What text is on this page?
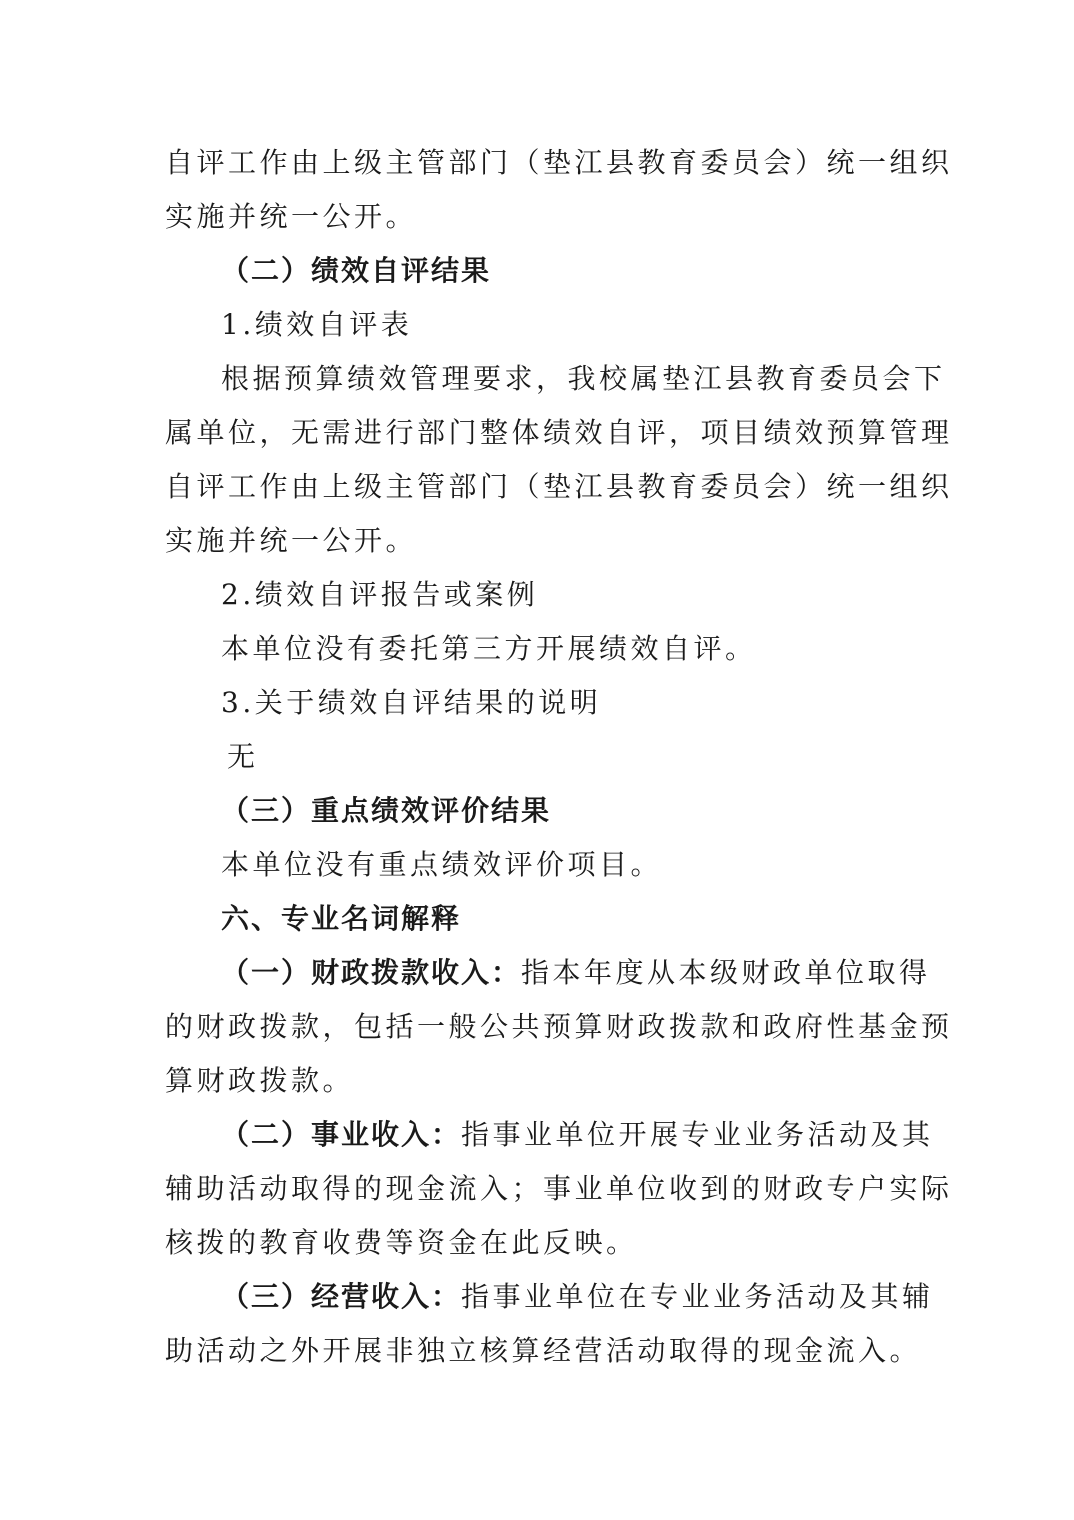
自评工作由上级主管部门（垫江县教育委员会）统一组织
实施并统一公开。
（二）绩效自评结果
1.绩效自评表
根据预算绩效管理要求，我校属垫江县教育委员会下
属单位，无需进行部门整体绩效自评，项目绩效预算管理
自评工作由上级主管部门（垫江县教育委员会）统一组织
实施并统一公开。
2.绩效自评报告或案例
本单位没有委托第三方开展绩效自评。
3.关于绩效自评结果的说明
无
（三）重点绩效评价结果
本单位没有重点绩效评价项目。
六、专业名词解释
（一）财政拨款收入：指本年度从本级财政单位取得
的财政拨款，包括一般公共预算财政拨款和政府性基金预
算财政拨款。
（二）事业收入：指事业单位开展专业业务活动及其
辅助活动取得的现金流入；事业单位收到的财政专户实际
核拨的教育收费等资金在此反映。
（三）经营收入：指事业单位在专业业务活动及其辅
助活动之外开展非独立核算经营活动取得的现金流入。
